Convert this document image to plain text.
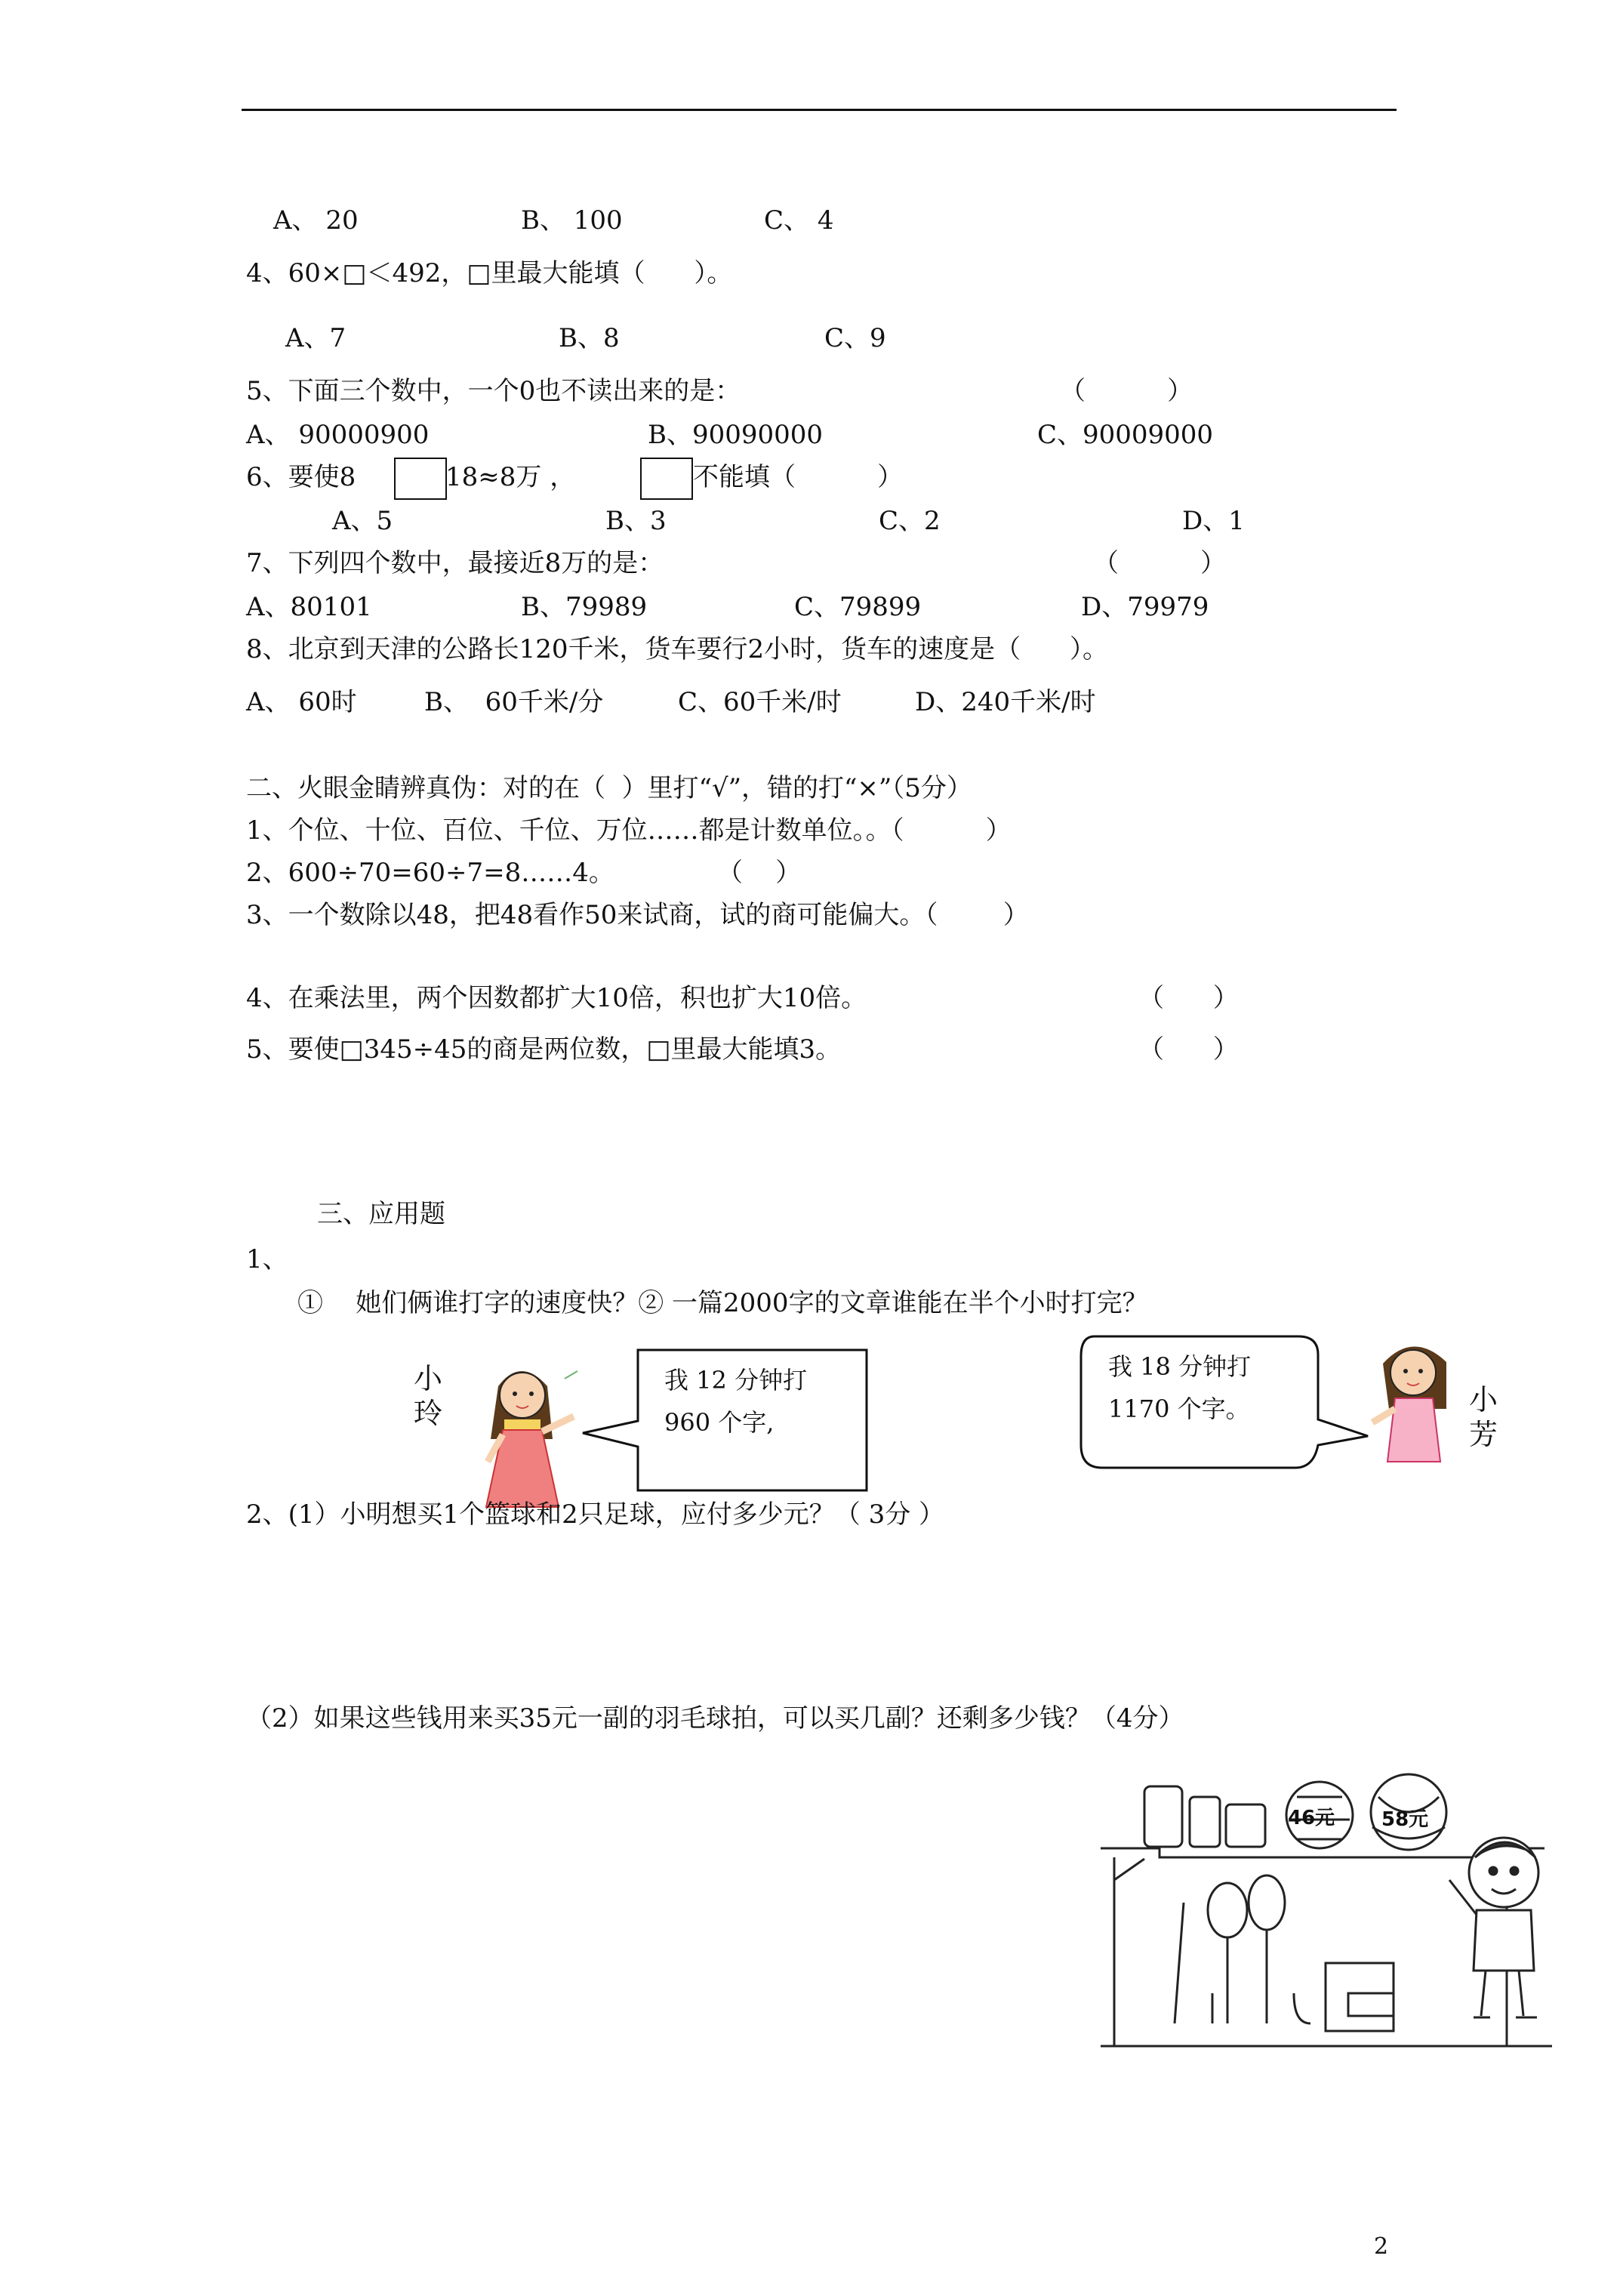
A、 20	B、 100	C、 4
4、60×□＜492，□里最大能填（      ）。
A、7	B、8	C、9
5、下面三个数中，一个0也不读出来的是：	（          ）
A、 90000900	B、90090000	C、90009000
6、要使8	18≈8万 ，	不能填（          ）
A、5	B、3	C、2	D、1
7、下列四个数中，最接近8万的是：	（          ）
A、80101	B、79989	C、79899	D、79979
8、北京到天津的公路长120千米，货车要行2小时，货车的速度是（      ）。
A、 60时	B、  60千米/分	C、60千米/时	D、240千米/时
二、火眼金睛辨真伪：对的在（  ）里打“√”，错的打“×”（5分）
1、个位、十位、百位、千位、万位……都是计数单位。。（          ）
2、600÷70=60÷7=8……4。	（    ）
3、一个数除以48，把48看作50来试商，试的商可能偏大。（        ）
4、在乘法里，两个因数都扩大10倍，积也扩大10倍。	（      ）
5、要使□345÷45的商是两位数，□里最大能填3。	（      ）
三、应用题
1、
①    她们俩谁打字的速度快？② 一篇2000字的文章谁能在半个小时打完？
小
玲
我 12 分钟打
960 个字,
我 18 分钟打
1170 个字。	小
芳
2、(1）小明想买1个篮球和2只足球，应付多少元？（ 3分 ）
（2）如果这些钱用来买35元一副的羽毛球拍，可以买几副？还剩多少钱？（4分）
46元 58元
2
